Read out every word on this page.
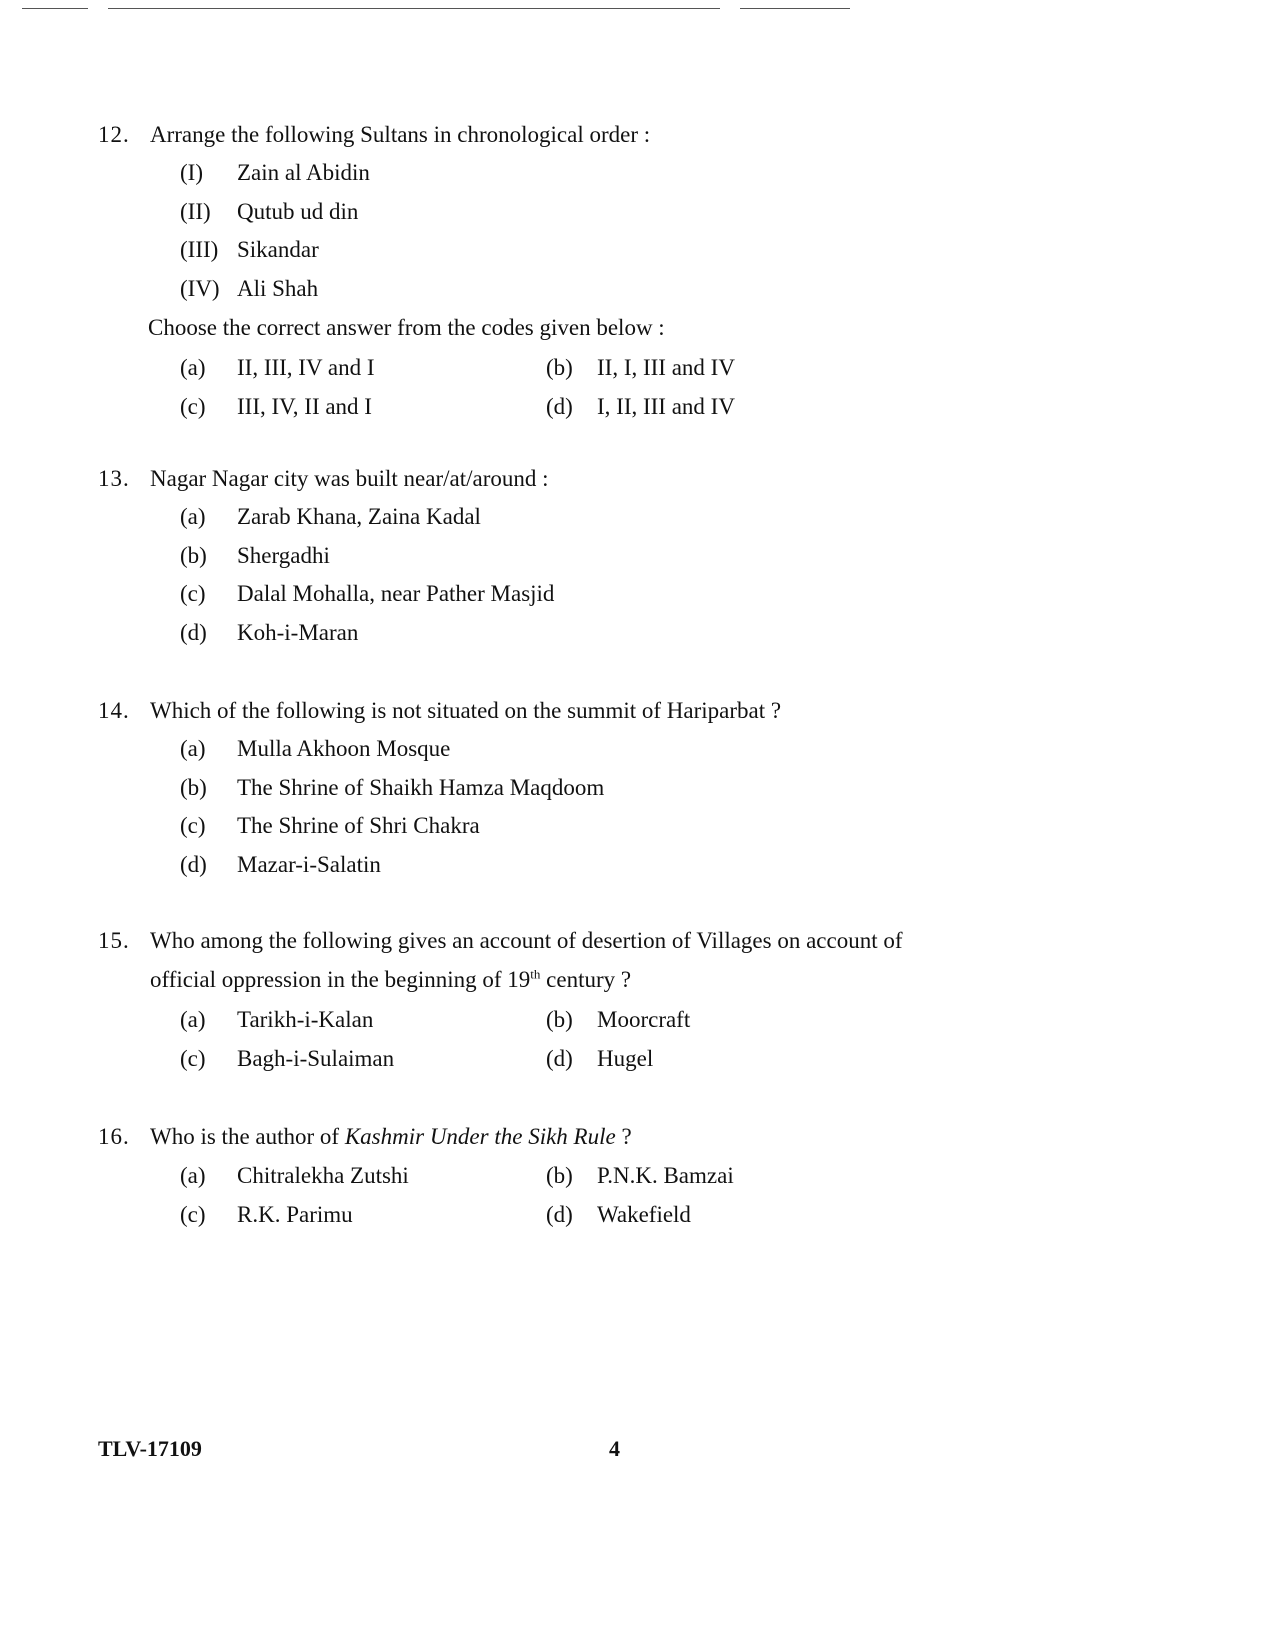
12. Arrange the following Sultans in chronological order :
(I)	Zain al Abidin
(II)	Qutub ud din
(III) Sikandar
(IV) Ali Shah
Choose the correct answer from the codes given below :
(a)	II, III, IV and I	(b)	II, I, III and IV
(c)	III, IV, II and I	(d)	I, II, III and IV
13. Nagar Nagar city was built near/at/around :
(a)	Zarab Khana, Zaina Kadal
(b)	Shergadhi
(c)	Dalal Mohalla, near Pather Masjid
(d)	Koh-i-Maran
14. Which of the following is not situated on the summit of Hariparbat ?
(a)	Mulla Akhoon Mosque
(b)	The Shrine of Shaikh Hamza Maqdoom
(c)	The Shrine of Shri Chakra
(d)	Mazar-i-Salatin
15. Who among the following gives an account of desertion of Villages on account of
official oppression in the beginning of 19th century ?
(a)	Tarikh-i-Kalan	(b)	Moorcraft
(c)	Bagh-i-Sulaiman	(d)	Hugel
16. Who is the author of Kashmir Under the Sikh Rule ?
(a)	Chitralekha Zutshi	(b)	P.N.K. Bamzai
(c)	R.K. Parimu	(d)	Wakefield
TLV-17109	4
